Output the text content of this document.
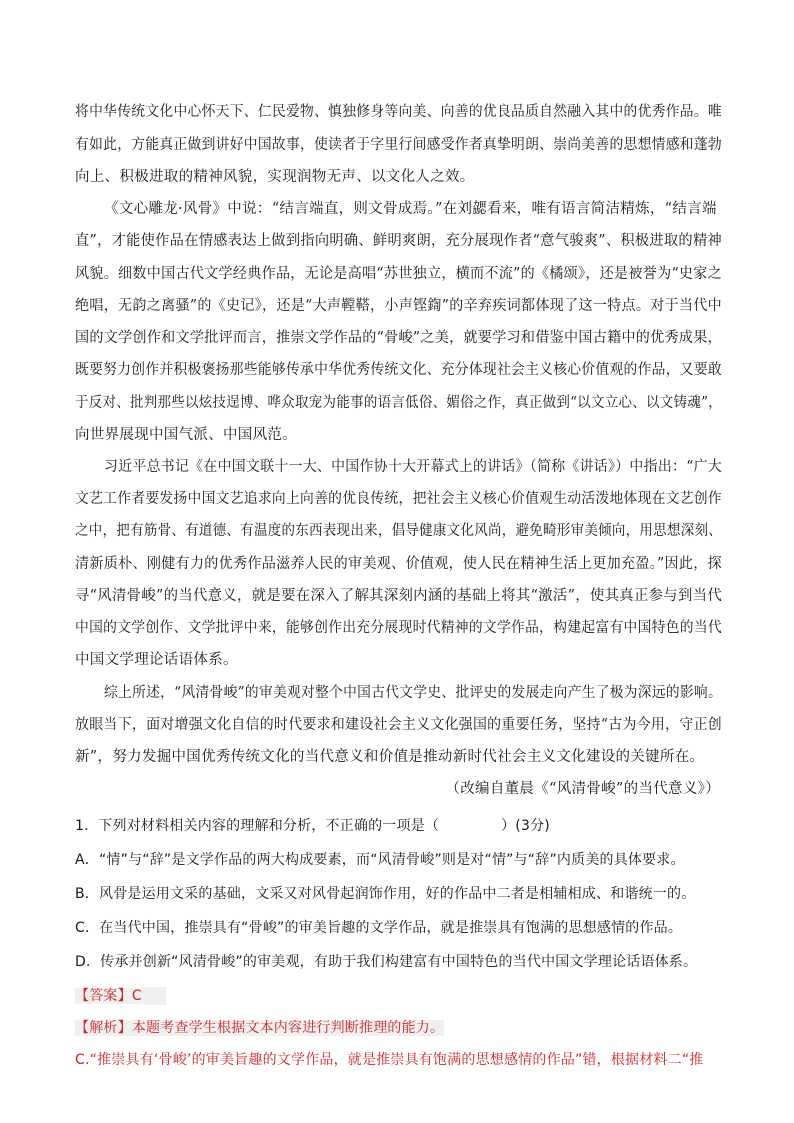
将中华传统文化中心怀天下、仁民爱物、慎独修身等向美、向善的优良品质自然融入其中的优秀作品。唯
有如此，方能真正做到讲好中国故事，使读者于字里行间感受作者真挚明朗、崇尚美善的思想情感和蓬勃
向上、积极进取的精神风貌，实现润物无声、以文化人之效。
《文心雕龙·风骨》中说：“结言端直，则文骨成焉。”在刘勰看来，唯有语言简洁精炼，“结言端
直”，才能使作品在情感表达上做到指向明确、鲜明爽朗，充分展现作者“意气骏爽”、积极进取的精神
风貌。细数中国古代文学经典作品，无论是高唱“苏世独立，横而不流”的《橘颂》，还是被誉为“史家之
绝唱，无韵之离骚”的《史记》，还是“大声鞺鞳，小声铿鍧”的辛弃疾词都体现了这一特点。对于当代中
国的文学创作和文学批评而言，推崇文学作品的“骨峻”之美，就要学习和借鉴中国古籍中的优秀成果，
既要努力创作并积极褒扬那些能够传承中华优秀传统文化、充分体现社会主义核心价值观的作品，又要敢
于反对、批判那些以炫技逞博、哗众取宠为能事的语言低俗、媚俗之作，真正做到“以文立心、以文铸魂”，
向世界展现中国气派、中国风范。
习近平总书记《在中国文联十一大、中国作协十大开幕式上的讲话》（简称《讲话》）中指出：“广大
文艺工作者要发扬中国文艺追求向上向善的优良传统，把社会主义核心价值观生动活泼地体现在文艺创作
之中，把有筋骨、有道德、有温度的东西表现出来，倡导健康文化风尚，避免畸形审美倾向，用思想深刻、
清新质朴、刚健有力的优秀作品滋养人民的审美观、价值观，使人民在精神生活上更加充盈。”因此，探
寻“风清骨峻”的当代意义，就是要在深入了解其深刻内涵的基础上将其“激活”，使其真正参与到当代
中国的文学创作、文学批评中来，能够创作出充分展现时代精神的文学作品，构建起富有中国特色的当代
中国文学理论话语体系。
综上所述，“风清骨峻”的审美观对整个中国古代文学史、批评史的发展走向产生了极为深远的影响。
放眼当下，面对增强文化自信的时代要求和建设社会主义文化强国的重要任务，坚持“古为今用，守正创
新”，努力发掘中国优秀传统文化的当代意义和价值是推动新时代社会主义文化建设的关键所在。
（改编自董晨《“风清骨峻”的当代意义》）
1．下列对材料相关内容的理解和分析，不正确的一项是（	）(3分)
A．“情”与“辞”是文学作品的两大构成要素，而“风清骨峻”则是对“情”与“辞”内质美的具体要求。
B．风骨是运用文采的基础，文采又对风骨起润饰作用，好的作品中二者是相辅相成、和谐统一的。
C．在当代中国，推崇具有“骨峻”的审美旨趣的文学作品，就是推崇具有饱满的思想感情的作品。
D．传承并创新“风清骨峻”的审美观，有助于我们构建富有中国特色的当代中国文学理论话语体系。
【答案】C
【解析】本题考查学生根据文本内容进行判断推理的能力。
C.“推崇具有‘骨峻’的审美旨趣的文学作品，就是推崇具有饱满的思想感情的作品”错，根据材料二“推
